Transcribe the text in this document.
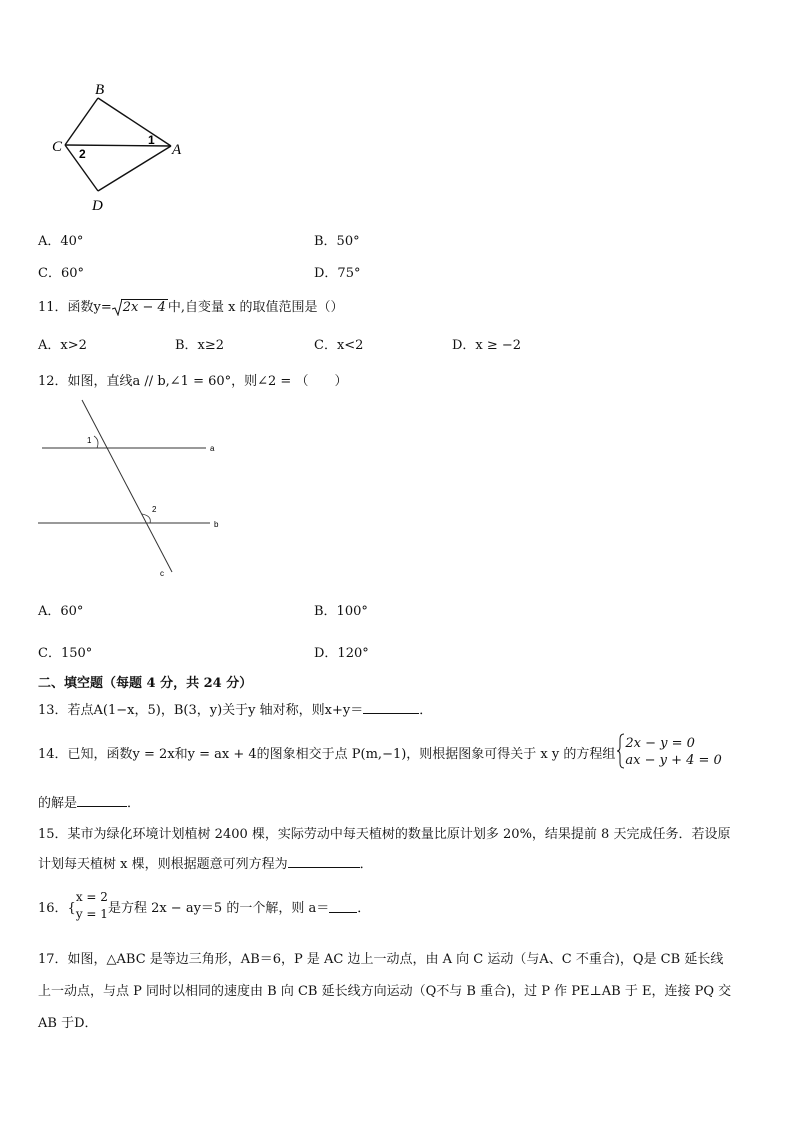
B
C	A
D
1
2
A．40°	B．50°
C．60°	D．75°
11．函数y= 2x − 4 中,自变量 x 的取值范围是（）
A．x>2	B．x≥2	C．x<2	D．x ≥ −2
12．如图，直线a // b,∠1 = 60°，则∠2 = （　　）
a
b
c
1
2
A．60°	B．100°
C．150°	D．120°
二、填空题（每题 4 分，共 24 分）
13．若点A(1−x，5)，B(3，y)关于y 轴对称，则x+y＝	．
14．已知，函数y = 2x和y = ax + 4的图象相交于点 P(m,−1)，则根据图象可得关于 x y 的方程组
2x − y = 0
ax − y + 4 = 0
的解是	．
15．某市为绿化环境计划植树 2400 棵，实际劳动中每天植树的数量比原计划多 20%，结果提前 8 天完成任务．若设原
计划每天植树 x 棵，则根据题意可列方程为	．
16．{
x = 2
y = 1 是方程 2x − ay＝5 的一个解，则 a＝ ．
17．如图，△ABC 是等边三角形，AB＝6，P 是 AC 边上一动点，由 A 向 C 运动（与A、C 不重合)，Q是 CB 延长线
上一动点，与点 P 同时以相同的速度由 B 向 CB 延长线方向运动（Q不与 B 重合)，过 P 作 PE⊥AB 于 E，连接 PQ 交
AB 于D．
